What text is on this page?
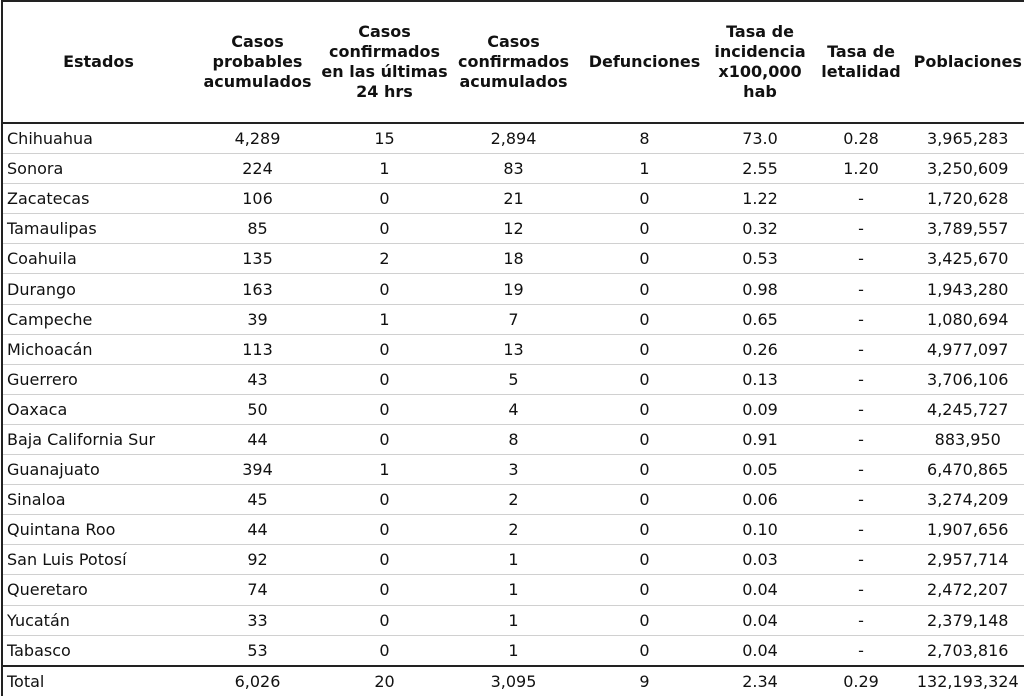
Estados	Casos probables acumulados	Casos confirmados en las últimas 24 hrs	Casos confirmados acumulados	Defunciones	Tasa de incidencia x100,000 hab	Tasa de letalidad	Poblaciones
Chihuahua	4,289	15	2,894	8	73.0	0.28	3,965,283
Sonora	224	1	83	1	2.55	1.20	3,250,609
Zacatecas	106	0	21	0	1.22	-	1,720,628
Tamaulipas	85	0	12	0	0.32	-	3,789,557
Coahuila	135	2	18	0	0.53	-	3,425,670
Durango	163	0	19	0	0.98	-	1,943,280
Campeche	39	1	7	0	0.65	-	1,080,694
Michoacán	113	0	13	0	0.26	-	4,977,097
Guerrero	43	0	5	0	0.13	-	3,706,106
Oaxaca	50	0	4	0	0.09	-	4,245,727
Baja California Sur	44	0	8	0	0.91	-	883,950
Guanajuato	394	1	3	0	0.05	-	6,470,865
Sinaloa	45	0	2	0	0.06	-	3,274,209
Quintana Roo	44	0	2	0	0.10	-	1,907,656
San Luis Potosí	92	0	1	0	0.03	-	2,957,714
Queretaro	74	0	1	0	0.04	-	2,472,207
Yucatán	33	0	1	0	0.04	-	2,379,148
Tabasco	53	0	1	0	0.04	-	2,703,816
Total	6,026	20	3,095	9	2.34	0.29	132,193,324
